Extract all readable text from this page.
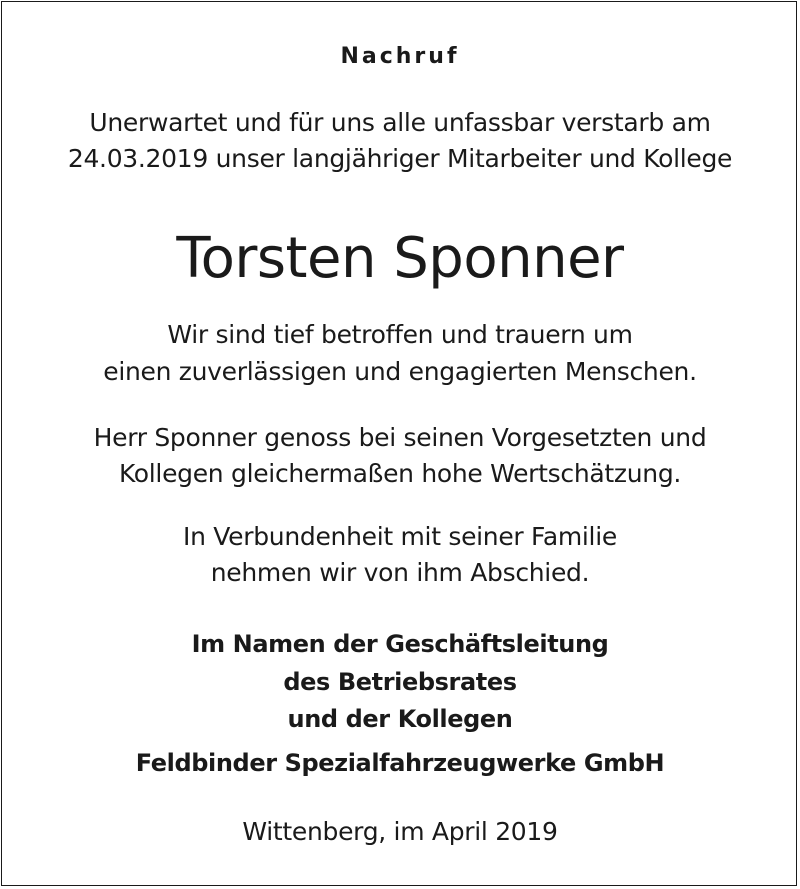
Nachruf
Unerwartet und für uns alle unfassbar verstarb am
24.03.2019 unser langjähriger Mitarbeiter und Kollege
Torsten Sponner
Wir sind tief betroffen und trauern um
einen zuverlässigen und engagierten Menschen.
Herr Sponner genoss bei seinen Vorgesetzten und
Kollegen gleichermaßen hohe Wertschätzung.
In Verbundenheit mit seiner Familie
nehmen wir von ihm Abschied.
Im Namen der Geschäftsleitung
des Betriebsrates
und der Kollegen
Feldbinder Spezialfahrzeugwerke GmbH
Wittenberg, im April 2019
